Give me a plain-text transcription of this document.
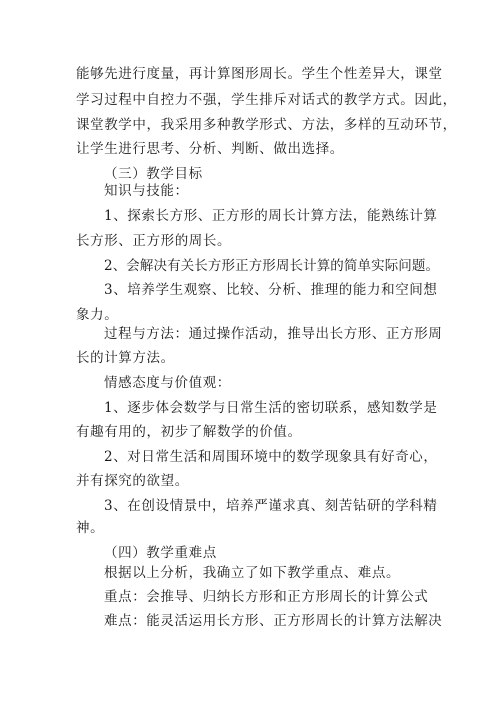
能够先进行度量，再计算图形周长。学生个性差异大，课堂
学习过程中自控力不强，学生排斥对话式的教学方式。因此，
课堂教学中，我采用多种教学形式、方法，多样的互动环节，
让学生进行思考、分析、判断、做出选择。
（三）教学目标
知识与技能：
1、探索长方形、正方形的周长计算方法，能熟练计算
长方形、正方形的周长。
2、会解决有关长方形正方形周长计算的简单实际问题。
3、培养学生观察、比较、分析、推理的能力和空间想
象力。
过程与方法：通过操作活动，推导出长方形、正方形周
长的计算方法。
情感态度与价值观：
1、逐步体会数学与日常生活的密切联系，感知数学是
有趣有用的，初步了解数学的价值。
2、对日常生活和周围环境中的数学现象具有好奇心，
并有探究的欲望。
3、在创设情景中，培养严谨求真、刻苦钻研的学科精
神。
（四）教学重难点
根据以上分析，我确立了如下教学重点、难点。
重点：会推导、归纳长方形和正方形周长的计算公式
难点：能灵活运用长方形、正方形周长的计算方法解决
